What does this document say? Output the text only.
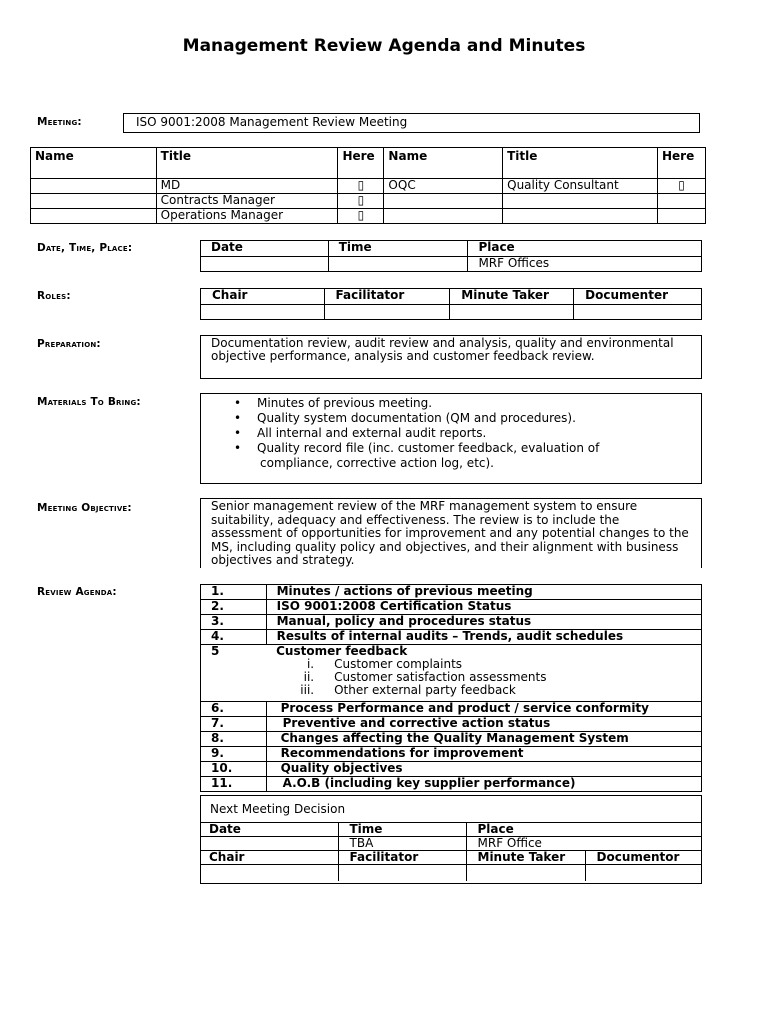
Management Review Agenda and Minutes
Meeting:	ISO 9001:2008 Management Review Meeting
Name	Title	Here	Name	Title	Here
	MD	▯	OQC	Quality Consultant	▯
	Contracts Manager	▯			
	Operations Manager	▯			
Date, Time, Place:	Date	Time	Place
		MRF Offices
Roles:	Chair	Facilitator	Minute Taker	Documenter

Preparation:	Documentation review, audit review and analysis, quality and environmental objective performance, analysis and customer feedback review.
Materials To Bring:	• Minutes of previous meeting.
• Quality system documentation (QM and procedures).
• All internal and external audit reports.
• Quality record file (inc. customer feedback, evaluation of
compliance, corrective action log, etc).
Meeting Objective:	Senior management review of the MRF management system to ensure suitability, adequacy and effectiveness. The review is to include the assessment of opportunities for improvement and any potential changes to the MS, including quality policy and objectives, and their alignment with business objectives and strategy.
Review Agenda:	1.	Minutes / actions of previous meeting
2.	ISO 9001:2008 Certification Status
3.	Manual, policy and procedures status
4.	Results of internal audits – Trends, audit schedules
5	Customer feedback
i. Customer complaints
ii. Customer satisfaction assessments
iii. Other external party feedback

6.	Process Performance and product / service conformity
7.	Preventive and corrective action status
8.	Changes affecting the Quality Management System
9.	Recommendations for improvement
10.	Quality objectives
11.	A.O.B (including key supplier performance)
Next Meeting Decision
Date	Time	Place	
	TBA	MRF Office	
Chair	Facilitator	Minute Taker	Documentor
